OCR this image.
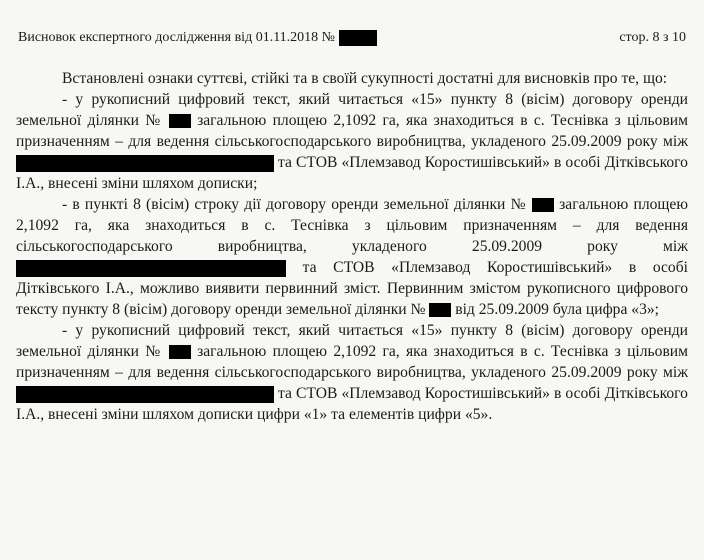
Висновок експертного дослідження від 01.11.2018 №	стор. 8 з 10

Встановлені ознаки суттєві, стійкі та в своїй сукупності достатні для висновків про те, що:

- у рукописний цифровий текст, який читається «15» пункту 8 (вісім) договору оренди земельної ділянки № загальною площею 2,1092 га, яка знаходиться в с. Теснівка з цільовим призначенням – для ведення сільськогосподарського виробництва, укладеного 25.09.2009 року між  та СТОВ «Племзавод Коростишівський» в особі Дітківського І.А., внесені зміни шляхом дописки;

- в пункті 8 (вісім) строку дії договору оренди земельної ділянки № загальною площею 2,1092 га, яка знаходиться в с. Теснівка з цільовим призначенням – для ведення сільськогосподарського виробництва, укладеного 25.09.2009 року між  та СТОВ «Племзавод Коростишівський» в особі Дітківського І.А., можливо виявити первинний зміст. Первинним змістом рукописного цифрового тексту пункту 8 (вісім) договору оренди земельної ділянки № від 25.09.2009 була цифра «3»;

- у рукописний цифровий текст, який читається «15» пункту 8 (вісім) договору оренди земельної ділянки № загальною площею 2,1092 га, яка знаходиться в с. Теснівка з цільовим призначенням – для ведення сільськогосподарського виробництва, укладеного 25.09.2009 року між  та СТОВ «Племзавод Коростишівський» в особі Дітківського І.А., внесені зміни шляхом дописки цифри «1» та елементів цифри «5».
